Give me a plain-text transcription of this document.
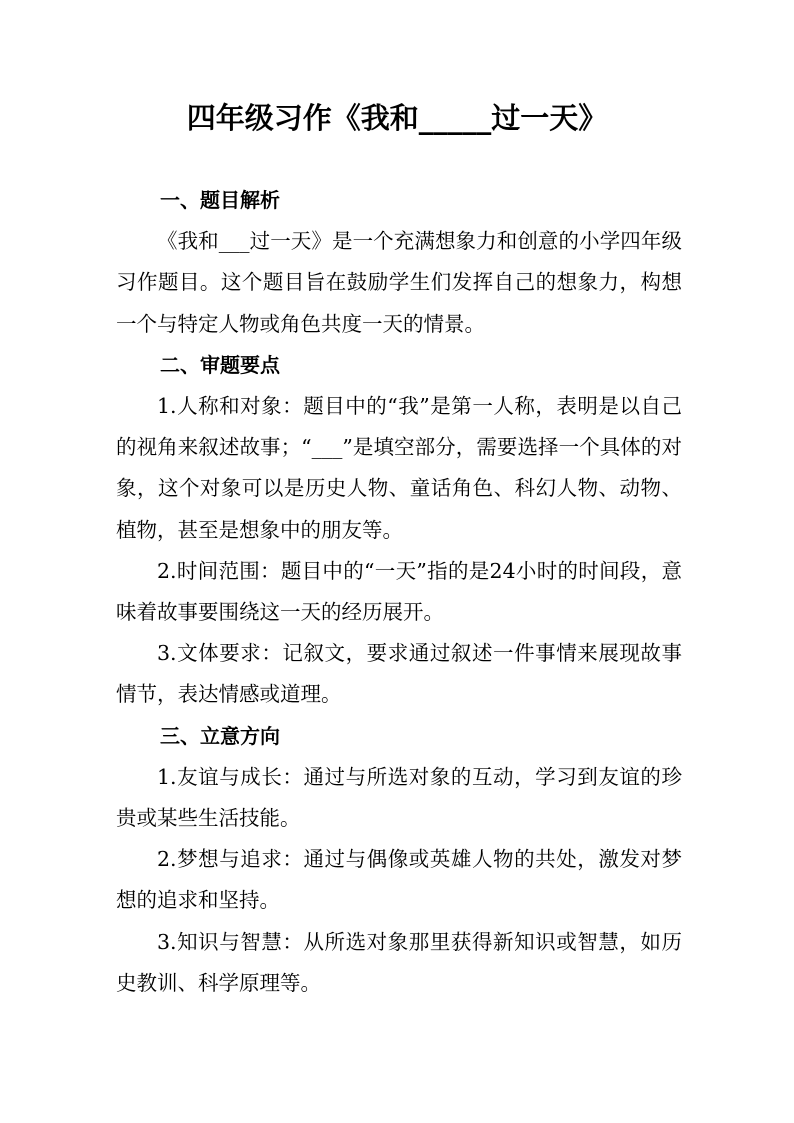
四年级习作《我和_____过一天》

一、题目解析

《我和___过一天》是一个充满想象力和创意的小学四年级习作题目。这个题目旨在鼓励学生们发挥自己的想象力，构想一个与特定人物或角色共度一天的情景。

二、审题要点

1.人称和对象：题目中的“我”是第一人称，表明是以自己的视角来叙述故事；“___”是填空部分，需要选择一个具体的对象，这个对象可以是历史人物、童话角色、科幻人物、动物、植物，甚至是想象中的朋友等。

2.时间范围：题目中的“一天”指的是24小时的时间段，意味着故事要围绕这一天的经历展开。

3.文体要求：记叙文，要求通过叙述一件事情来展现故事情节，表达情感或道理。

三、立意方向

1.友谊与成长：通过与所选对象的互动，学习到友谊的珍贵或某些生活技能。

2.梦想与追求：通过与偶像或英雄人物的共处，激发对梦想的追求和坚持。

3.知识与智慧：从所选对象那里获得新知识或智慧，如历史教训、科学原理等。
